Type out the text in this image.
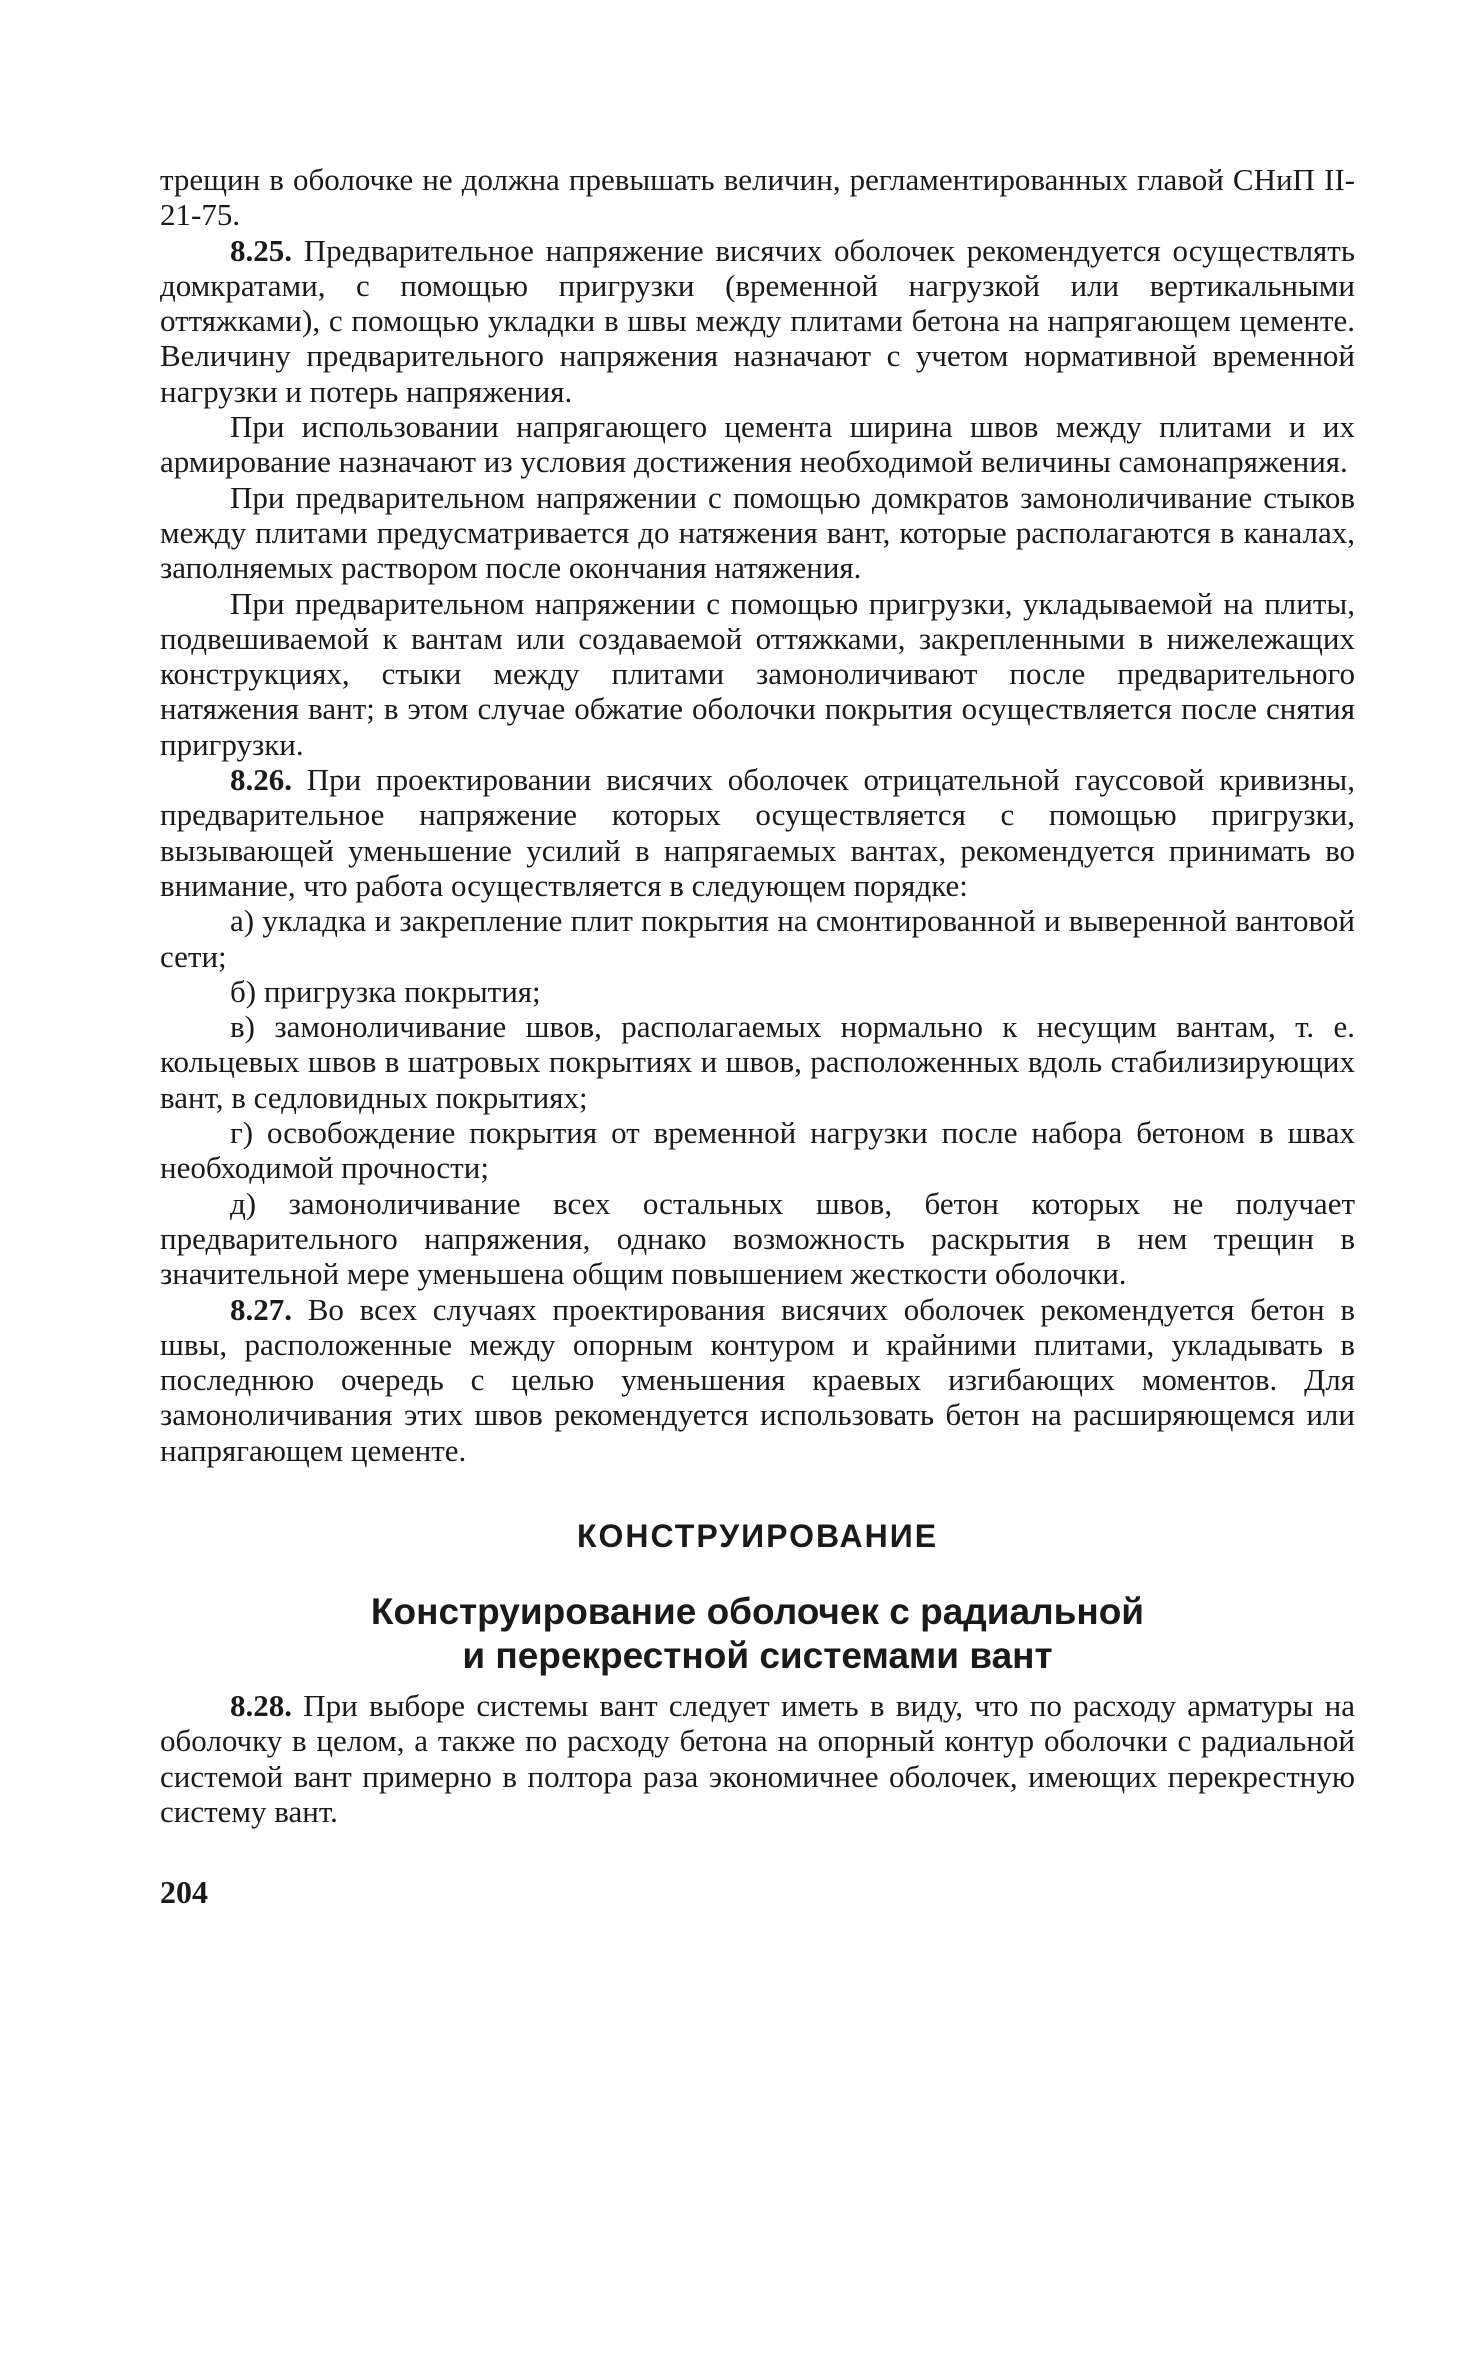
трещин в оболочке не должна превышать величин, регламентированных главой СНиП II-21-75.

8.25. Предварительное напряжение висячих оболочек рекомендуется осуществлять домкратами, с помощью пригрузки (временной нагрузкой или вертикальными оттяжками), с помощью укладки в швы между плитами бетона на напрягающем цементе. Величину предварительного напряжения назначают с учетом нормативной временной нагрузки и потерь напряжения.

При использовании напрягающего цемента ширина швов между плитами и их армирование назначают из условия достижения необходимой величины самонапряжения.

При предварительном напряжении с помощью домкратов замоноличивание стыков между плитами предусматривается до натяжения вант, которые располагаются в каналах, заполняемых раствором после окончания натяжения.

При предварительном напряжении с помощью пригрузки, укладываемой на плиты, подвешиваемой к вантам или создаваемой оттяжками, закрепленными в нижележащих конструкциях, стыки между плитами замоноличивают после предварительного натяжения вант; в этом случае обжатие оболочки покрытия осуществляется после снятия пригрузки.

8.26. При проектировании висячих оболочек отрицательной гауссовой кривизны, предварительное напряжение которых осуществляется с помощью пригрузки, вызывающей уменьшение усилий в напрягаемых вантах, рекомендуется принимать во внимание, что работа осуществляется в следующем порядке:

а) укладка и закрепление плит покрытия на смонтированной и выверенной вантовой сети;

б) пригрузка покрытия;

в) замоноличивание швов, располагаемых нормально к несущим вантам, т. е. кольцевых швов в шатровых покрытиях и швов, расположенных вдоль стабилизирующих вант, в седловидных покрытиях;

г) освобождение покрытия от временной нагрузки после набора бетоном в швах необходимой прочности;

д) замоноличивание всех остальных швов, бетон которых не получает предварительного напряжения, однако возможность раскрытия в нем трещин в значительной мере уменьшена общим повышением жесткости оболочки.

8.27. Во всех случаях проектирования висячих оболочек рекомендуется бетон в швы, расположенные между опорным контуром и крайними плитами, укладывать в последнюю очередь с целью уменьшения краевых изгибающих моментов. Для замоноличивания этих швов рекомендуется использовать бетон на расширяющемся или напрягающем цементе.

КОНСТРУИРОВАНИЕ
Конструирование оболочек с радиальной
и перекрестной системами вант

8.28. При выборе системы вант следует иметь в виду, что по расходу арматуры на оболочку в целом, а также по расходу бетона на опорный контур оболочки с радиальной системой вант примерно в полтора раза экономичнее оболочек, имеющих перекрестную систему вант.

204
